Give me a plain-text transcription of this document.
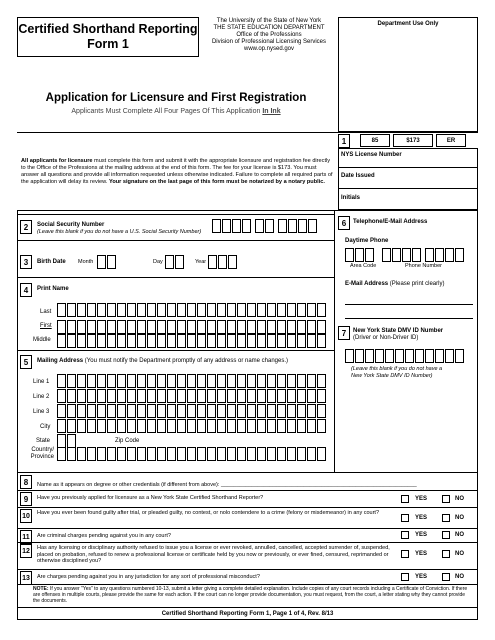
Certified Shorthand Reporting
Form 1
The University of the State of New York
THE STATE EDUCATION DEPARTMENT
Office of the Professions
Division of Professional Licensing Services
www.op.nysed.gov
Department Use Only
Application for Licensure and First Registration
Applicants Must Complete All Four Pages Of This Application In Ink
1	85	$173	ER
NYS License Number
Date Issued
Initials
All applicants for licensure must complete this form and submit it with the appropriate licensure and registration fee directly to the Office of the Professions at the mailing address at the end of this form. The fee for your license is $173. You must answer all questions and provide all information requested unless otherwise indicated. Failure to complete all required parts of the application will delay its review. Your signature on the last page of this form must be notarized by a notary public.
2	Social Security Number
(Leave this blank if you do not have a U.S. Social Security Number)
3	Birth Date Month	Day	Year
4	Print Name
Last
First
Middle
5	Mailing Address (You must notify the Department promptly of any address or name changes.)
Line 1
Line 2
Line 3
City
State	Zip Code
Country/
Province
6	Telephone/E-Mail Address
Daytime Phone
Area Code	Phone Number
E-Mail Address (Please print clearly)
7	New York State DMV ID Number
(Driver or Non-Driver ID)
(Leave this blank if you do not have a
New York State DMV ID Number)
8	Name as it appears on degree or other credentials (if different from above): ________________________________________________________________
9	Have you previously applied for licensure as a New York State Certified Shorthand Reporter?	YES	NO
10	Have you ever been found guilty after trial, or pleaded guilty, no contest, or nolo contendere to a crime (felony or misdemeanor) in any court?
YES	NO
11	Are criminal charges pending against you in any court?	YES	NO
12	Has any licensing or disciplinary authority refused to issue you a license or ever revoked, annulled, cancelled, accepted surrender of, suspended, placed on probation, refused to renew a professional license or certificate held by you now or previously, or ever fined, censured, reprimanded or otherwise disciplined you?
YES	NO
13	Are charges pending against you in any jurisdiction for any sort of professional misconduct?	YES	NO
NOTE: If you answer "Yes" to any questions numbered 10-13, submit a letter giving a complete detailed explanation. Include copies of any court records including a Certificate of Conviction. If there are offenses in multiple courts, please provide the same for each action. If the court can no longer provide documentation, you must request, from the court, a letter stating why they cannot provide the documents.
Certified Shorthand Reporting Form 1, Page 1 of 4, Rev. 8/13
